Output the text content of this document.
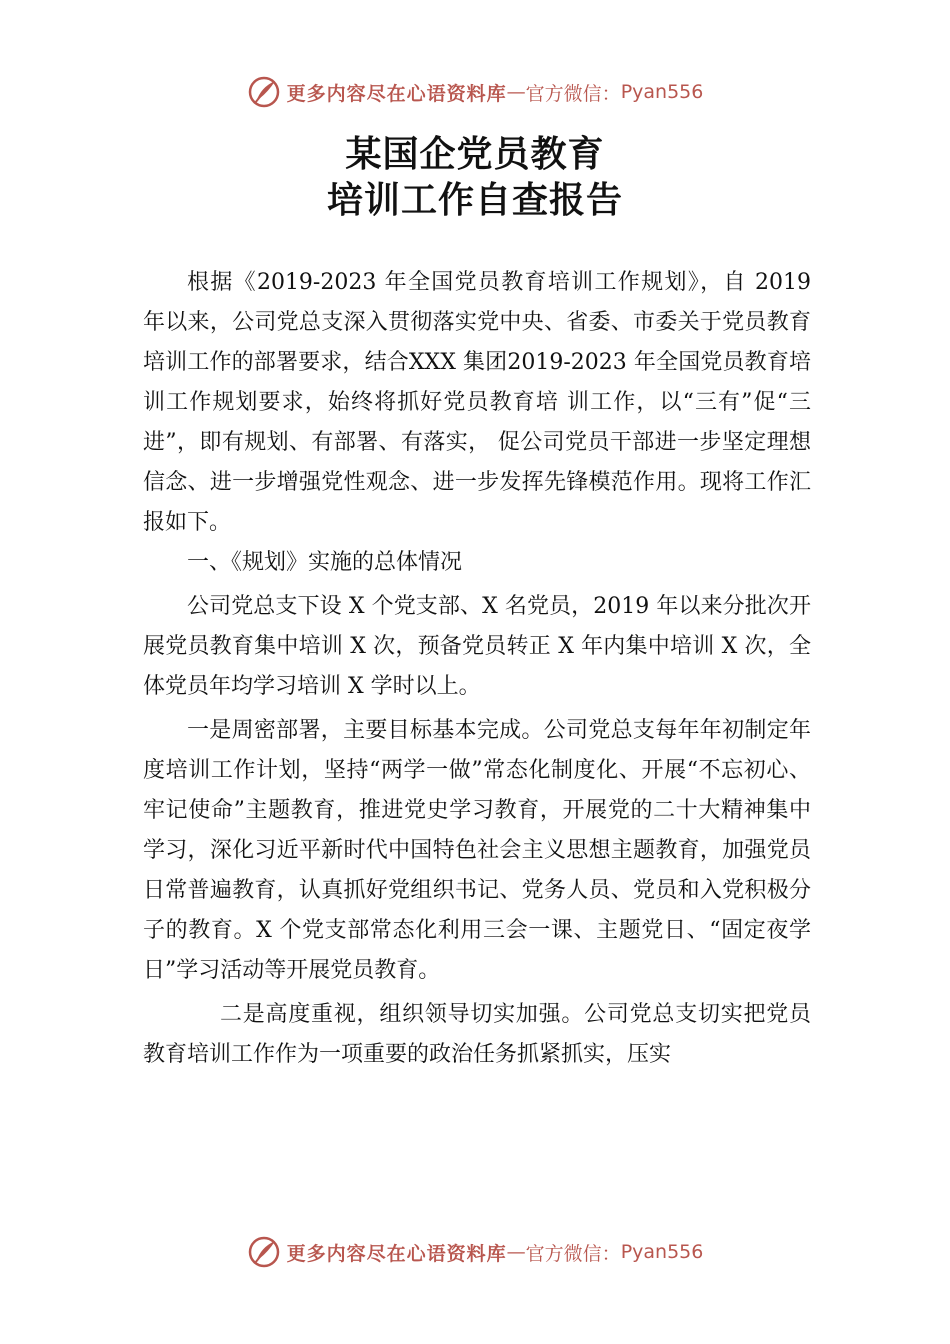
更多内容尽在心语资料库 — 官方微信： Pyan556
某国企党员教育
培训工作自查报告

根据《2019-2023 年全国党员教育培训工作规划》，自 2019 年以来，公司党总支深入贯彻落实党中央、省委、市委关于党员教育培训工作的部署要求，结合XXX 集团2019-2023 年全国党员教育培训工作规划要求，始终将抓好党员教育培 训工作，以“三有”促“三进”，即有规划、有部署、有落实， 促公司党员干部进一步坚定理想信念、进一步增强党性观念、进一步发挥先锋模范作用。现将工作汇报如下。

一、《规划》实施的总体情况

公司党总支下设 X 个党支部、X 名党员，2019 年以来分批次开展党员教育集中培训 X 次，预备党员转正 X 年内集中培训 X 次，全体党员年均学习培训 X 学时以上。

一是周密部署，主要目标基本完成。公司党总支每年年初制定年度培训工作计划，坚持“两学一做”常态化制度化、开展“不忘初心、牢记使命”主题教育，推进党史学习教育，开展党的二十大精神集中学习，深化习近平新时代中国特色社会主义思想主题教育，加强党员日常普遍教育，认真抓好党组织书记、党务人员、党员和入党积极分子的教育。X 个党支部常态化利用三会一课、主题党日、“固定夜学日”学习活动等开展党员教育。

二是高度重视，组织领导切实加强。公司党总支切实把党员教育培训工作作为一项重要的政治任务抓紧抓实，压实

更多内容尽在心语资料库 — 官方微信： Pyan556
